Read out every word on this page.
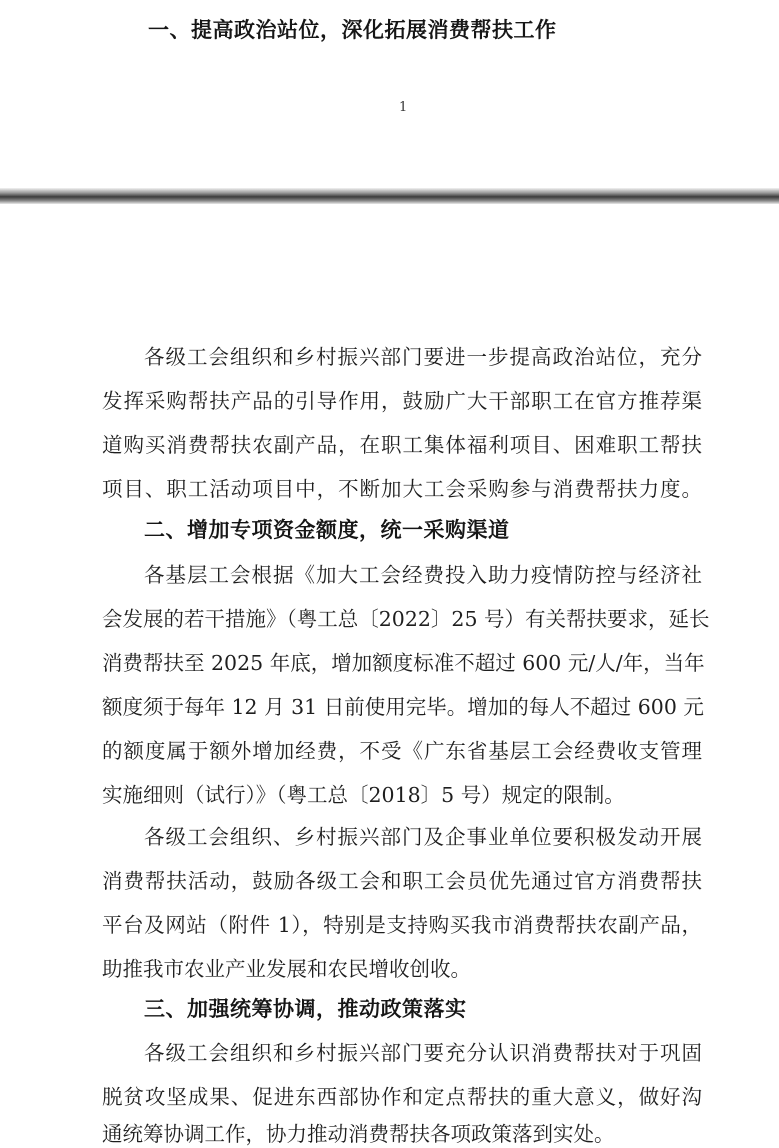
一、提高政治站位，深化拓展消费帮扶工作
1
各级工会组织和乡村振兴部门要进一步提高政治站位，充分
发挥采购帮扶产品的引导作用，鼓励广大干部职工在官方推荐渠
道购买消费帮扶农副产品，在职工集体福利项目、困难职工帮扶
项目、职工活动项目中，不断加大工会采购参与消费帮扶力度。
二、增加专项资金额度，统一采购渠道
各基层工会根据《加大工会经费投入助力疫情防控与经济社
会发展的若干措施》（粤工总〔2022〕25 号）有关帮扶要求，延长
消费帮扶至 2025 年底，增加额度标准不超过 600 元/人/年，当年
额度须于每年 12 月 31 日前使用完毕。增加的每人不超过 600 元
的额度属于额外增加经费，不受《广东省基层工会经费收支管理
实施细则（试行）》（粤工总〔2018〕5 号）规定的限制。
各级工会组织、乡村振兴部门及企事业单位要积极发动开展
消费帮扶活动，鼓励各级工会和职工会员优先通过官方消费帮扶
平台及网站（附件 1），特别是支持购买我市消费帮扶农副产品，
助推我市农业产业发展和农民增收创收。
三、加强统筹协调，推动政策落实
各级工会组织和乡村振兴部门要充分认识消费帮扶对于巩固
脱贫攻坚成果、促进东西部协作和定点帮扶的重大意义，做好沟
通统筹协调工作，协力推动消费帮扶各项政策落到实处。
